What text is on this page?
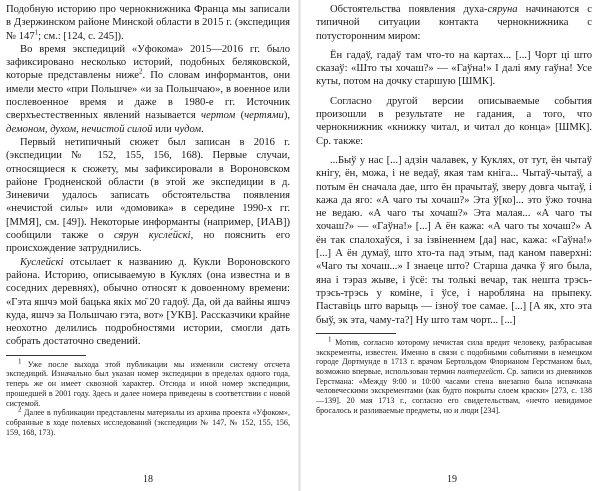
Подобную историю про чернокнижника Франца мы записали в Дзержинском районе Минской области в 2015 г. (экспедиция № $147^1$; см.: [124, с. 245]).

Во время экспедиций «Уфокома» 2015—2016 гг. было зафиксировано несколько историй, подобных беляковской, которые представлены ниже$^2$. По словам информантов, они имели место «при Польшче» «и за Польшчаю», в военное или послевоенное время и даже в 1980-е гг. Источник сверхъестественных явлений называется чертом (чертями), демоном, духом, нечистой силой или чудом.

Первый нетипичный сюжет был записан в 2016 г. (экспедиции № 152, 155, 156, 168). Первые случаи, относящиеся к сюжету, мы зафиксировали в Вороновском районе Гродненской области (в этой же экспедиции в д. Зиневичи удалось записать обстоятельства появления «нечистой силы» или «домовика» в середине 1990-х гг. [ММЯ], см. [49]). Некоторые информанты (например, [ИАВ]) сообщили также о сярун кусле́йскi, но пояснить его происхождение затруднились.

Куслейскi отсылает к названию д. Кукли Вороновского района. Историю, описываемую в Куклях (она известна и в соседних деревнях), обычно относят к довоенному времени: «Гэта яшчэ мой бацька якix мо̄ 20 гадоў. Да, ой да вайны яшчэ куда, яшчэ за Польшчаю гэта, вот» [УКВ]. Рассказчики крайне неохотно делились подробностями истории, смогли дать собрать достаточно сведений.

$^1$ Уже после выхода этой публикации мы изменили систему отсчета экспедиций. Изначально был указан номер экспедиции в пределах одного года, теперь же он имеет сквозной характер. Отсюда и иной номер экспедиции, прошедшей в 2001 году. Здесь и далее номера приведены в соответствии с новой системой.

$^2$ Далее в публикации представлены материалы из архива проекта «Уфоком», собранные в ходе полевых исследований (экспедиции № 147, № 152, 155, 156, 159, 168, 173).

18

Обстоятельства появления духа-сяруна начинаются с типичной ситуации контакта чернокнижника с потусторонним миром:

Ён гадаў, гадаў там что-то на картах... [...] Чорт ці што сказаў: «Што ты хочаш?» — «Гаўна!» І далі яму гаўна! Усе куты, потом на дочку старшую [ШМК].

Согласно другой версии описываемые события произошли в результате не гадания, а того, что чернокнижник «книжку читал, и читал до конца» [ШМК]. Ср. также:

...Быў у нас [...] адзін чалавек, у Куклях, от тут, ён чытаў кнігу, ён, можа, і не ведаў, якая там кніга... Чытаў-чытаў, а потым ён сначала дае, што ён прачытаў, зверу довга чытаў, і кажа да яго: «А чаго ты хочаш?» Эта ў[ко]... это ўжо точна не ведаю. «А чаго ты хочаш?» Эта малая... «А чаго ты хочаш?» — «Гаўна!» [...] А ён кажа: «А чаго ты хочаш?» А ён так спалохаўся, і за ізвіненнем [да] нас, кажа: «Гаўна!» [...] А ён думаў, што хто-та пад этым, пад каном паверхні: «Чаго ты хочаш...» І знаеце што? Старша дачка ў яго была, яна і тэраз жыве, і ўсё: ты толькі вечар, так нешта трэсь-трэсь-трэсь у коміне, і ўсе, і наробляна на прыпеку. Паставіць што варыць — ізноў тое самае. [...] [А як, хто эта быў, эк эта, чаму-та?] Ну што там чорт... [...]

$^1$ Мотив, согласно которому нечистая сила вредит человеку, разбрасывая экскременты, известен. Именно в связи с подобными событиями в немецком городе Дортмунде в 1713 г. врачом Бертольдом Флорианом Герстманом был, возможно впервые, использован термин полтергейст. Ср. записи из дневников Герстмана: «Между 9:00 и 10:00 часами стена внезапно была испачкана человеческими экскрементами (как будто покрыты слоем краски» [273, с. 138—139]. 20 мая 1713 г., согласно его свидетельствам, «нечто невидимое бросалось и разливаемые предметы, но и люди [234].

19
